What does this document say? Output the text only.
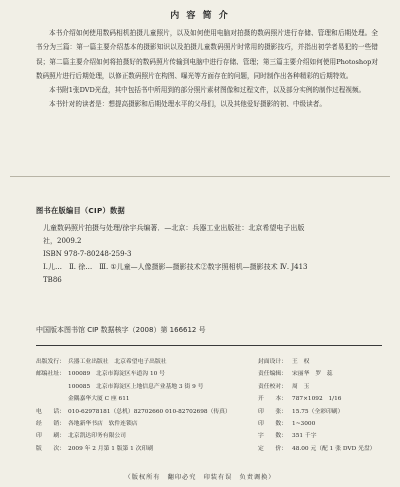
内 容 简 介

本书介绍如何使用数码相机拍摄儿童照片，以及如何使用电脑对拍摄的数码照片进行存储、管理和后期处理。全书分为三篇：第一篇主要介绍基本的摄影知识以及拍摄儿童数码照片时常用的摄影技巧，并指出初学者易犯的一些错误；第二篇主要介绍如何将拍摄好的数码照片传输到电脑中进行存储、管理；第三篇主要介绍如何使用Photoshop对数码照片进行后期处理，以修正数码照片在构图、曝光等方面存在的问题，同时制作出各种精彩的后期特效。

本书附1张DVD光盘，其中包括书中所用到的部分照片素材图像和过程文件，以及部分实例的制作过程视频。

本书针对的读者是：想提高摄影和后期处理水平的父母们，以及其他爱好摄影的初、中级读者。

图书在版编目（CIP）数据

儿童数码照片拍摄与处理/徐宇兵编著．—北京：兵器工业出版社：北京希望电子出版社，2009.2

ISBN 978-7-80248-259-3

Ⅰ.儿…　Ⅱ. 徐…　Ⅲ. ①儿童—人像摄影—摄影技术②数字照相机—摄影技术 Ⅳ. J413　TB86

中国版本图书馆 CIP 数据核字（2008）第 166612 号
出版发行： 兵器工业出版社　北京希望电子出版社
邮编社址： 100089　北京市海淀区车道沟 10 号
100085　北京市海淀区上地信息产业基地 3 街 9 号
金隅嘉华大厦 C 座 611
电　　话： 010-62978181（总机）82702660 010-82702698（传真）
经　　销： 各地新华书店　软件连锁店
印　　刷： 北京凯达印务有限公司
版　　次： 2009 年 2 月第 1 版第 1 次印刷
封面设计： 王　权
责任编辑： 宋丽华　罗　蕊
责任校对： 周　玉
开　　本： 787×1092　1/16
印　　张： 15.75（全彩印刷）
印　　数： 1~3000
字　　数： 351 千字
定　　价： 48.00 元（配 1 张 DVD 光盘）
（版权所有　翻印必究　印装有误　负责调换）
